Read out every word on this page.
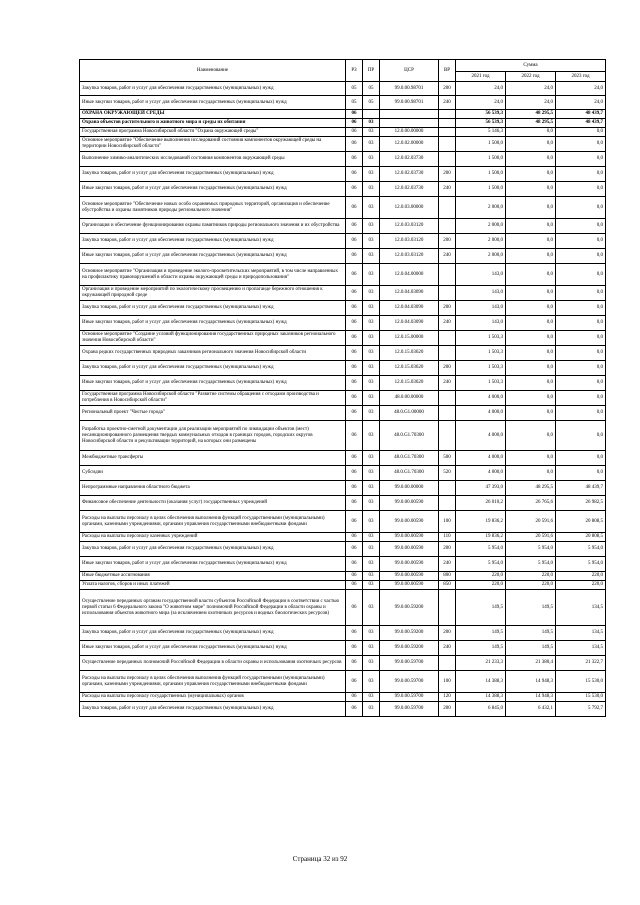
Наименование	РЗ	ПР	ЦСР	ВР	Сумма		
					2021 год	2022 год	2023 год
Закупка товаров, работ и услуг для обеспечения государственных (муниципальных) нужд	05	05	99.0.00.98701	200	24,0	24,0	24,0
Иные закупки товаров, работ и услуг для обеспечения государственных (муниципальных) нужд	05	05	99.0.00.98701	240	24,0	24,0	24,0
ОХРАНА ОКРУЖАЮЩЕЙ СРЕДЫ	06				56 539,3	48 295,5	48 439,7
Охрана объектов растительного и животного мира и среды их обитания	06	03			56 539,3	48 295,5	48 439,7
Государственная программа Новосибирской области "Охрана окружающей среды"	06	03	12.0.00.00000		5 146,3	0,0	0,0
Основное мероприятие "Обеспечение выполнения исследований состояния компонентов окружающей среды на территории Новосибирской области"	06	03	12.0.02.00000		1 500,0	0,0	0,0
Выполнение химико-аналитических исследований состояния компонентов окружающей среды	06	03	12.0.02.03730		1 500,0	0,0	0,0
Закупка товаров, работ и услуг для обеспечения государственных (муниципальных) нужд	06	03	12.0.02.03730	200	1 500,0	0,0	0,0
Иные закупки товаров, работ и услуг для обеспечения государственных (муниципальных) нужд	06	03	12.0.02.03730	240	1 500,0	0,0	0,0
Основное мероприятие "Обеспечение новых особо охраняемых природных территорий, организация и обеспечение обустройства и охраны памятников природы регионального значения"	06	03	12.0.03.00000		2 000,0	0,0	0,0
Организация и обеспечение функционирования охраны памятников природы регионального значения и их обустройства	06	03	12.0.03.03120		2 000,0	0,0	0,0
Закупка товаров, работ и услуг для обеспечения государственных (муниципальных) нужд	06	03	12.0.03.03120	200	2 000,0	0,0	0,0
Иные закупки товаров, работ и услуг для обеспечения государственных (муниципальных) нужд	06	03	12.0.03.03120	240	2 000,0	0,0	0,0
Основное мероприятие "Организация и проведение эколого-просветительских мероприятий, в том числе направленных на профилактику правонарушений в области охраны окружающей среды и природопользования"	06	03	12.0.04.00000		143,0	0,0	0,0
Организация и проведение мероприятий по экологическому просвещению и пропаганде бережного отношения к окружающей природной среде	06	03	12.0.04.03090		143,0	0,0	0,0
Закупка товаров, работ и услуг для обеспечения государственных (муниципальных) нужд	06	03	12.0.04.03090	200	143,0	0,0	0,0
Иные закупки товаров, работ и услуг для обеспечения государственных (муниципальных) нужд	06	03	12.0.04.03090	240	143,0	0,0	0,0
Основное мероприятие "Создание условий функционирования государственных природных заказников регионального значения Новосибирской области"	06	03	12.0.15.00000		1 503,3	0,0	0,0
Охрана редких государственных природных заказников регионального значения Новосибирской области	06	03	12.0.15.03620		1 503,3	0,0	0,0
Закупка товаров, работ и услуг для обеспечения государственных (муниципальных) нужд	06	03	12.0.15.03620	200	1 503,3	0,0	0,0
Иные закупки товаров, работ и услуг для обеспечения государственных (муниципальных) нужд	06	03	12.0.15.03620	240	1 503,3	0,0	0,0
Государственная программа Новосибирской области "Развитие системы обращения с отходами производства и потребления в Новосибирской области"	06	03	48.0.00.00000		4 000,0	0,0	0,0
Региональный проект "Чистые города"	06	03	48.0.G1.00000		4 000,0	0,0	0,0
Разработка проектно-сметной документации для реализации мероприятий по ликвидации объектов (мест) несанкционированного размещения твердых коммунальных отходов в границах городов, городских округов Новосибирской области и рекультивации территорий, на которых они размещены	06	03	48.0.G1.70300		4 000,0	0,0	0,0
Межбюджетные трансферты	06	03	48.0.G1.70300	500	4 000,0	0,0	0,0
Субсидии	06	03	48.0.G1.70300	520	4 000,0	0,0	0,0
Непрограммные направления областного бюджета	06	03	99.0.00.00000		47 393,0	48 295,5	48 439,7
Финансовое обеспечение деятельности (оказания услуг) государственных учреждений	06	03	99.0.00.00590		26 010,2	26 765,6	26 982,5
Расходы на выплаты персоналу в целях обеспечения выполнения функций государственными (муниципальными) органами, казенными учреждениями, органами управления государственными внебюджетными фондами	06	03	99.0.00.00590	100	19 836,2	20 591,6	20 808,5
Расходы на выплаты персоналу казенных учреждений	06	03	99.0.00.00590	110	19 836,2	20 591,6	20 808,5
Закупка товаров, работ и услуг для обеспечения государственных (муниципальных) нужд	06	03	99.0.00.00590	200	5 954,0	5 954,0	5 954,0
Иные закупки товаров, работ и услуг для обеспечения государственных (муниципальных) нужд	06	03	99.0.00.00590	240	5 954,0	5 954,0	5 954,0
Иные бюджетные ассигнования	06	03	99.0.00.00590	800	220,0	220,0	220,0
Уплата налогов, сборов и иных платежей	06	03	99.0.00.00590	850	220,0	220,0	220,0
Осуществление переданных органам государственной власти субъектов Российской Федерации в соответствии с частью первой статьи 6 Федерального закона "О животном мире" полномочий Российской Федерации в области охраны и использования объектов животного мира (за исключением охотничьих ресурсов и водных биологических ресурсов)	06	03	99.0.00.59200		149,5	149,5	134,5
Закупка товаров, работ и услуг для обеспечения государственных (муниципальных) нужд	06	03	99.0.00.59200	200	149,5	149,5	134,5
Иные закупки товаров, работ и услуг для обеспечения государственных (муниципальных) нужд	06	03	99.0.00.59200	240	149,5	149,5	134,5
Осуществление переданных полномочий Российской Федерации в области охраны и использования охотничьих ресурсов	06	03	99.0.00.59700		21 233,3	21 380,4	21 322,7
Расходы на выплаты персоналу в целях обеспечения выполнения функций государственными (муниципальными) органами, казенными учреждениями, органами управления государственными внебюджетными фондами	06	03	99.0.00.59700	100	14 388,3	14 948,3	15 530,0
Расходы на выплаты персоналу государственных (муниципальных) органов	06	03	99.0.00.59700	120	14 388,3	14 948,3	15 530,0
Закупка товаров, работ и услуг для обеспечения государственных (муниципальных) нужд	06	03	99.0.00.59700	200	6 845,0	6 432,1	5 792,7
Страница 32 из 92
